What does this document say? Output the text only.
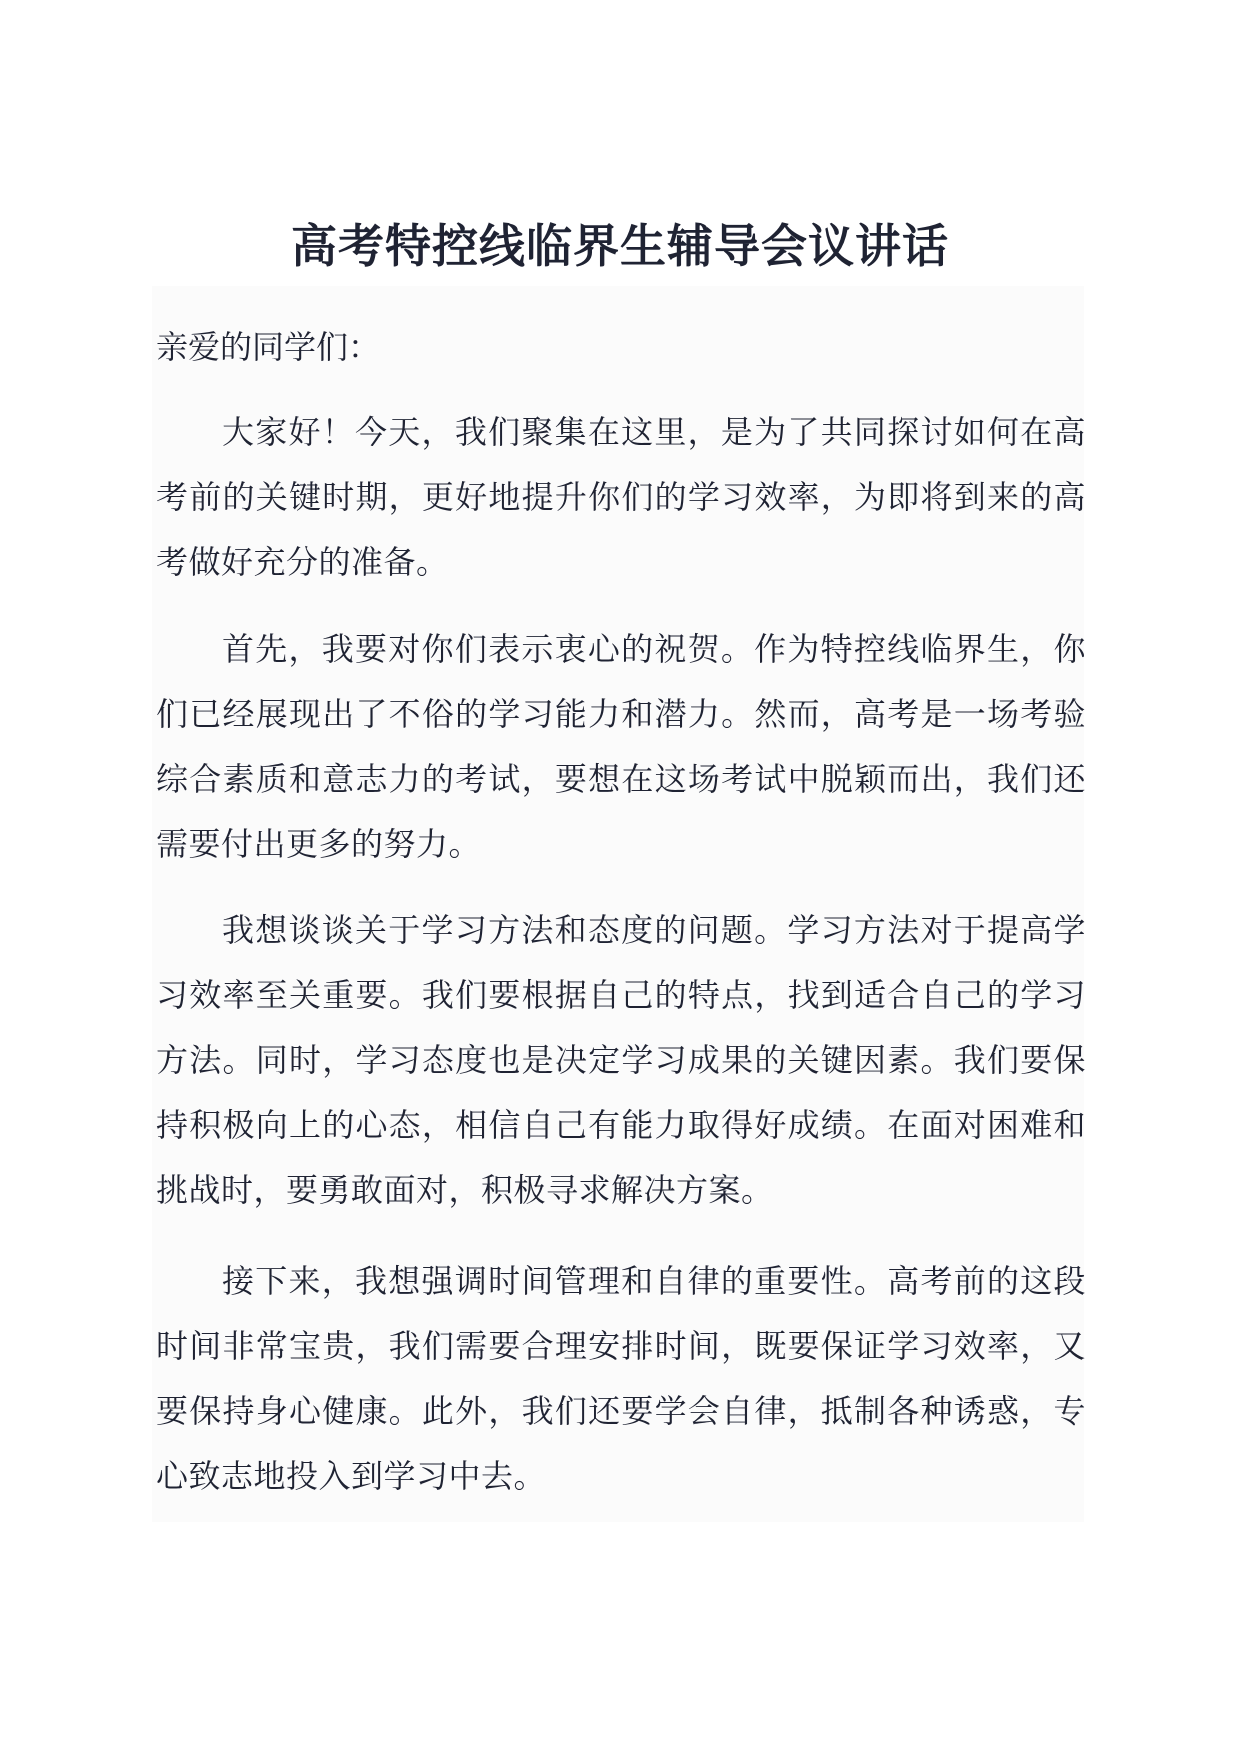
高考特控线临界生辅导会议讲话
亲爱的同学们：

大家好！今天，我们聚集在这里，是为了共同探讨如何在高考前的关键时期，更好地提升你们的学习效率，为即将到来的高考做好充分的准备。

首先，我要对你们表示衷心的祝贺。作为特控线临界生，你们已经展现出了不俗的学习能力和潜力。然而，高考是一场考验综合素质和意志力的考试，要想在这场考试中脱颖而出，我们还需要付出更多的努力。

我想谈谈关于学习方法和态度的问题。学习方法对于提高学习效率至关重要。我们要根据自己的特点，找到适合自己的学习方法。同时，学习态度也是决定学习成果的关键因素。我们要保持积极向上的心态，相信自己有能力取得好成绩。在面对困难和挑战时，要勇敢面对，积极寻求解决方案。

接下来，我想强调时间管理和自律的重要性。高考前的这段时间非常宝贵，我们需要合理安排时间，既要保证学习效率，又要保持身心健康。此外，我们还要学会自律，抵制各种诱惑，专心致志地投入到学习中去。
